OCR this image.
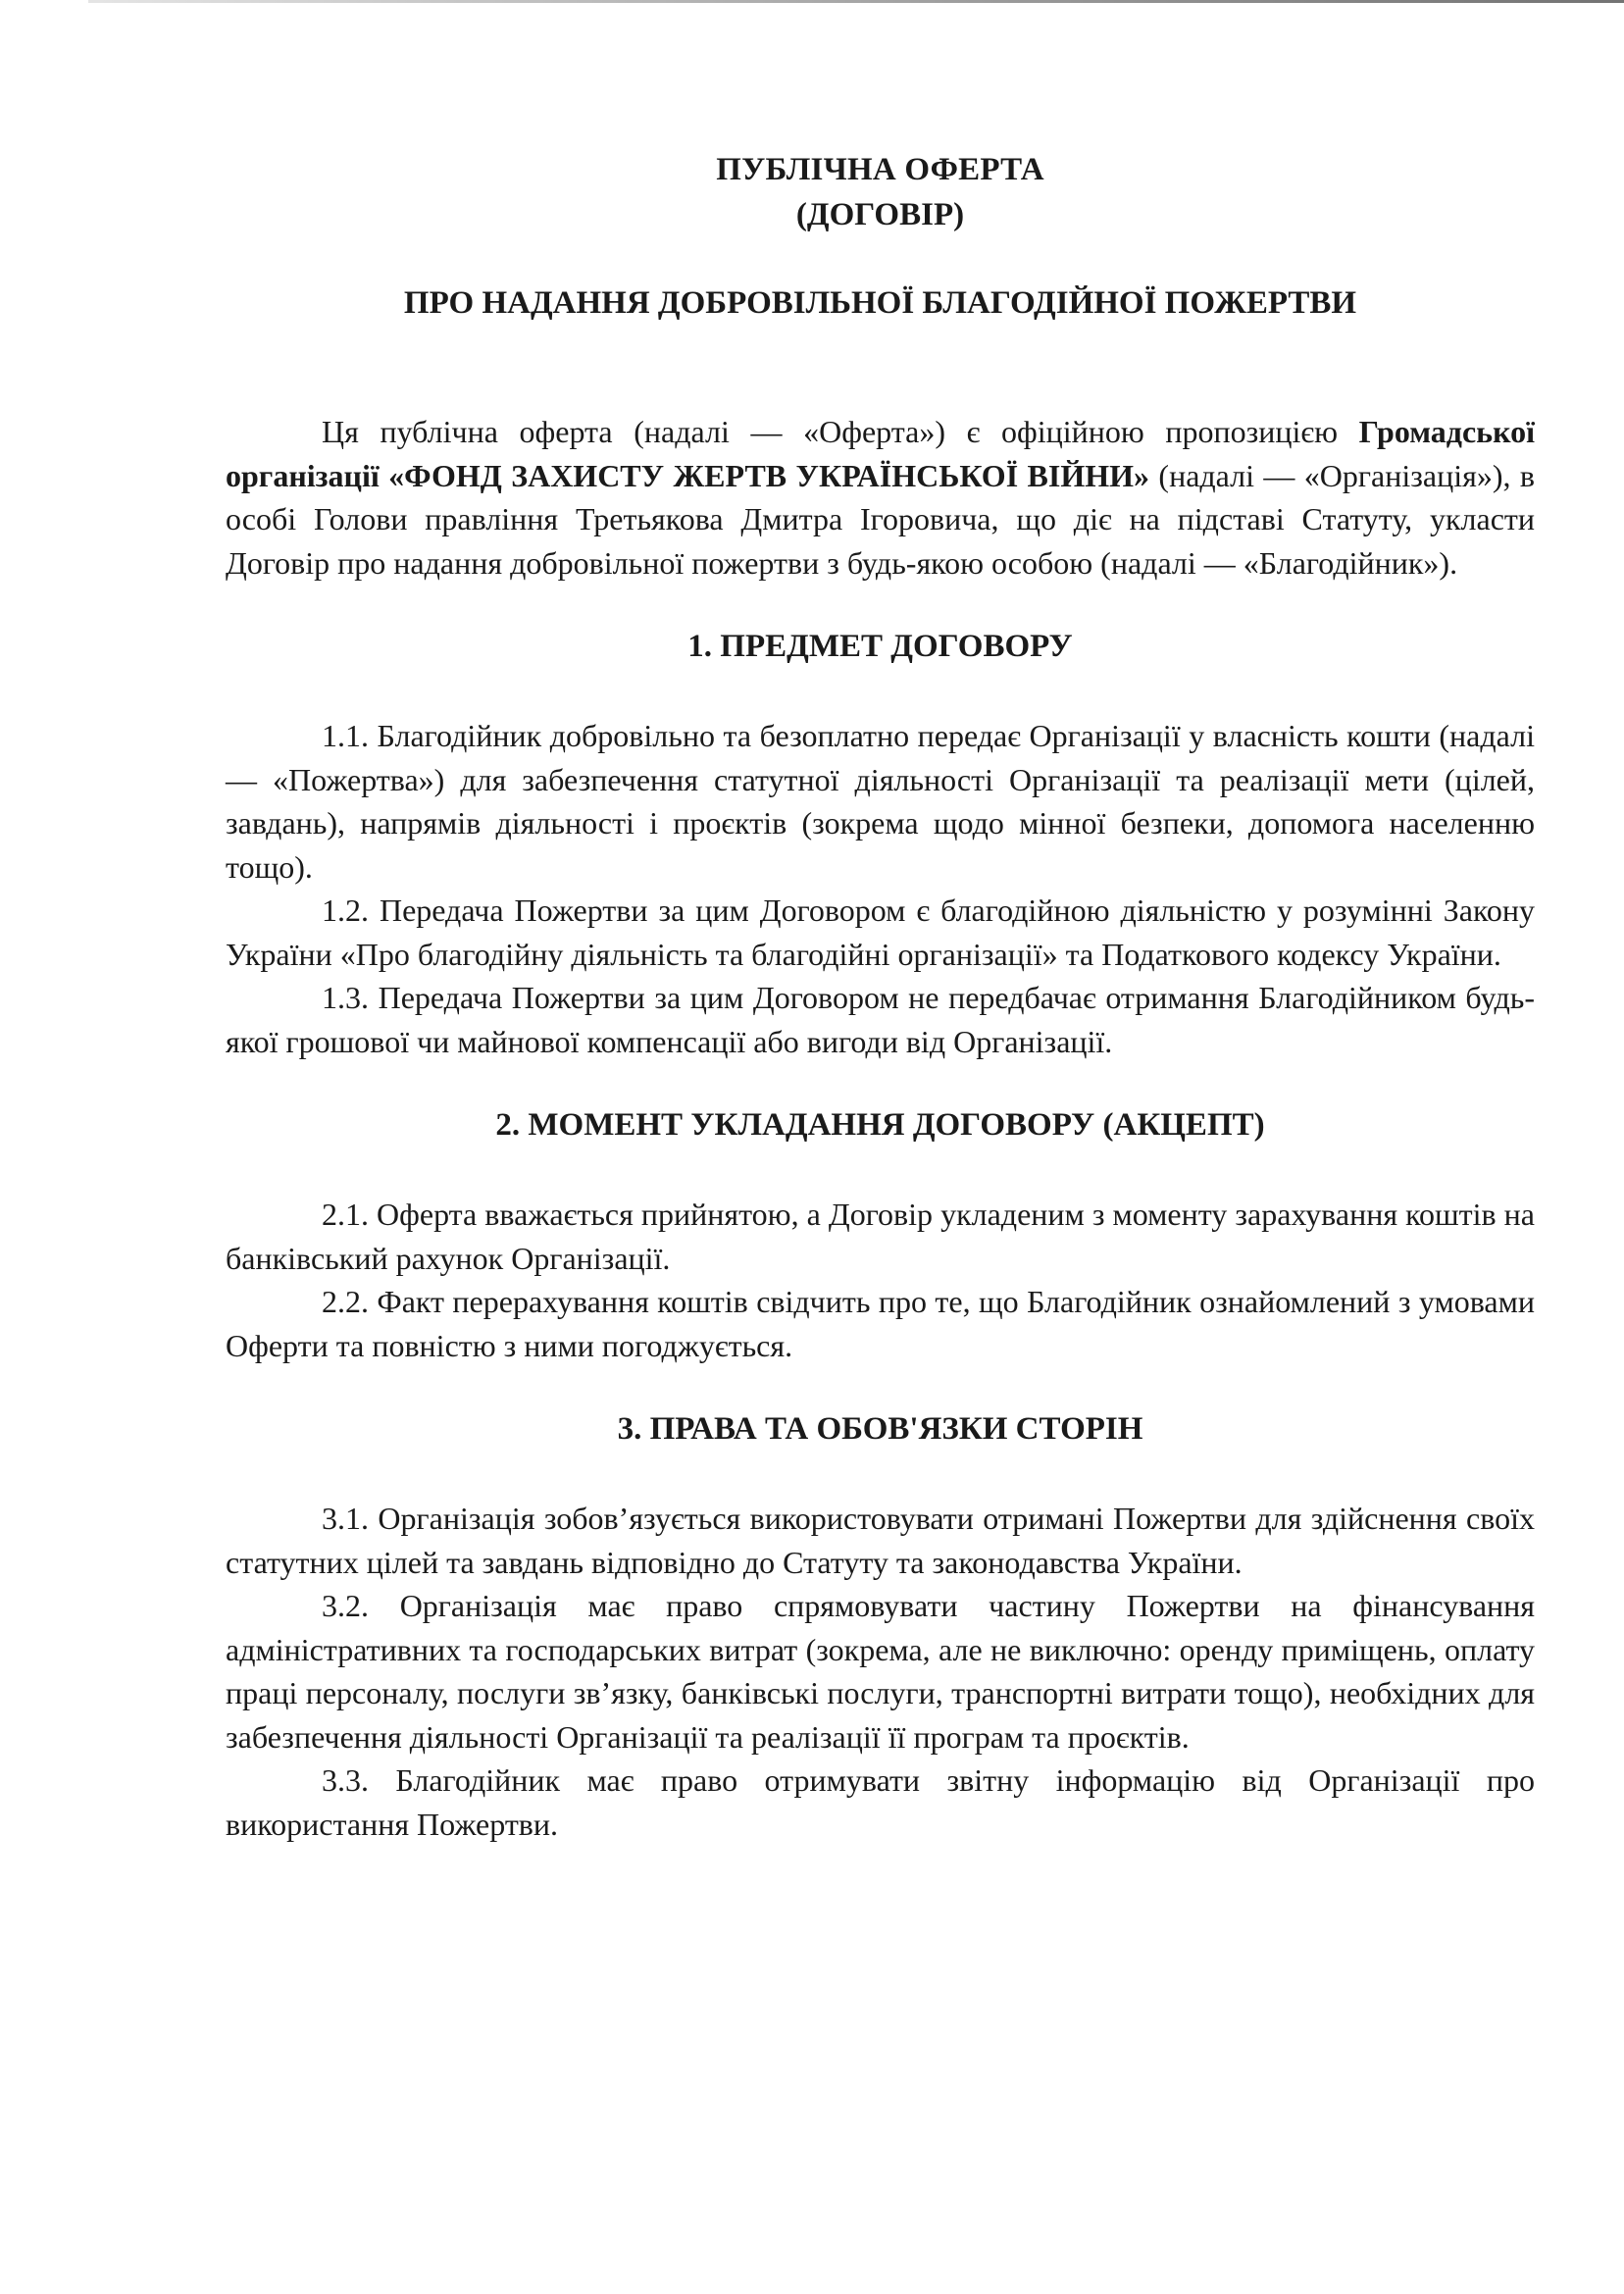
ПУБЛІЧНА ОФЕРТА
(ДОГОВІР)
ПРО НАДАННЯ ДОБРОВІЛЬНОЇ БЛАГОДІЙНОЇ ПОЖЕРТВИ

Ця публічна оферта (надалі — «Оферта») є офіційною пропозицією Громадської організації «ФОНД ЗАХИСТУ ЖЕРТВ УКРАЇНСЬКОЇ ВІЙНИ» (надалі — «Організація»), в особі Голови правління Третьякова Дмитра Ігоровича, що діє на підставі Статуту, укласти Договір про надання добровільної пожертви з будь-якою особою (надалі — «Благодійник»).

1. ПРЕДМЕТ ДОГОВОРУ

1.1. Благодійник добровільно та безоплатно передає Організації у власність кошти (надалі — «Пожертва») для забезпечення статутної діяльності Організації та реалізації мети (цілей, завдань), напрямів діяльності і проєктів (зокрема щодо мінної безпеки, допомога населенню тощо).

1.2. Передача Пожертви за цим Договором є благодійною діяльністю у розумінні Закону України «Про благодійну діяльність та благодійні організації» та Податкового кодексу України.

1.3. Передача Пожертви за цим Договором не передбачає отримання Благодійником будь-якої грошової чи майнової компенсації або вигоди від Організації.

2. МОМЕНТ УКЛАДАННЯ ДОГОВОРУ (АКЦЕПТ)

2.1. Оферта вважається прийнятою, а Договір укладеним з моменту зарахування коштів на банківський рахунок Організації.

2.2. Факт перерахування коштів свідчить про те, що Благодійник ознайомлений з умовами Оферти та повністю з ними погоджується.

3. ПРАВА ТА ОБОВ'ЯЗКИ СТОРІН

3.1. Організація зобов’язується використовувати отримані Пожертви для здійснення своїх статутних цілей та завдань відповідно до Статуту та законодавства України.

3.2. Організація має право спрямовувати частину Пожертви на фінансування адміністративних та господарських витрат (зокрема, але не виключно: оренду приміщень, оплату праці персоналу, послуги зв’язку, банківські послуги, транспортні витрати тощо), необхідних для забезпечення діяльності Організації та реалізації її програм та проєктів.

3.3. Благодійник має право отримувати звітну інформацію від Організації про використання Пожертви.
